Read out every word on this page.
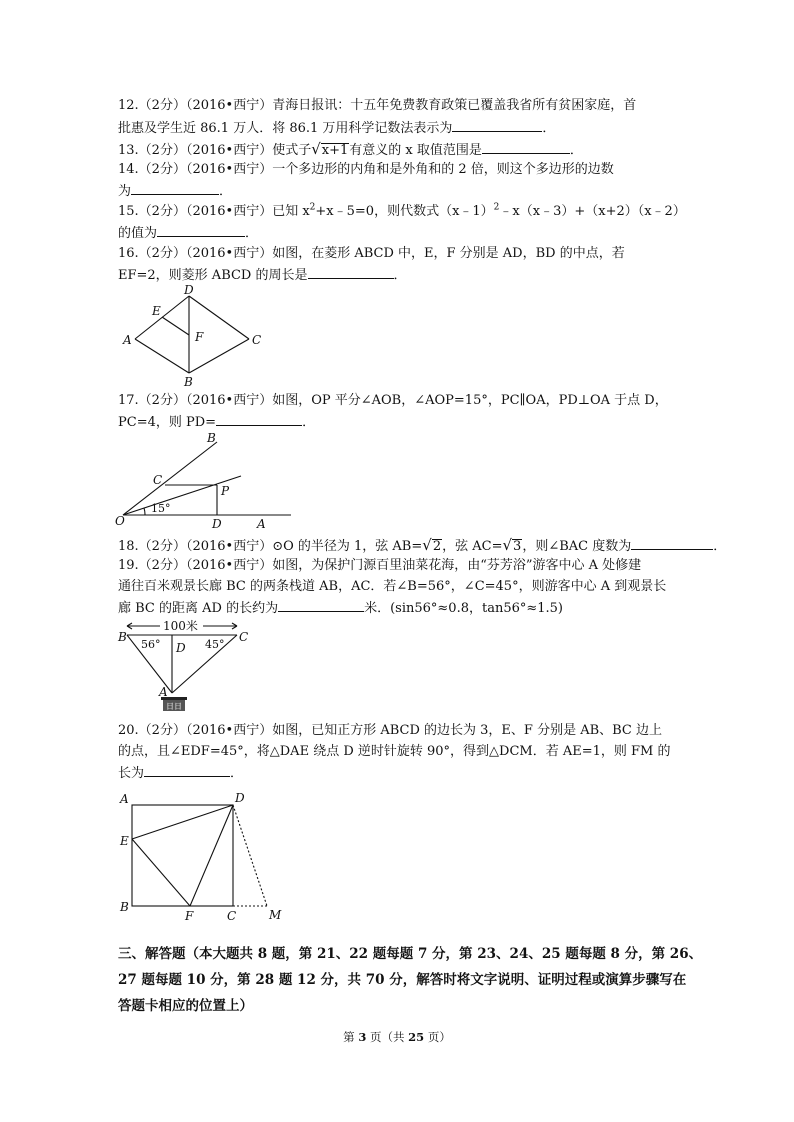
12.（2分）（2016•西宁）青海日报讯：十五年免费教育政策已覆盖我省所有贫困家庭，首
批惠及学生近 86.1 万人．将 86.1 万用科学记数法表示为	．
13.（2分）（2016•西宁）使式子√x+1有意义的 x 取值范围是	．
14.（2分）（2016•西宁）一个多边形的内角和是外角和的 2 倍，则这个多边形的边数
为	．
15.（2分）（2016•西宁）已知 $x^2+x﹣5=0$，则代数式（x﹣1）$^2$﹣x（x﹣3）+（x+2）（x﹣2）
的值为	．
16.（2分）（2016•西宁）如图，在菱形 ABCD 中，E，F 分别是 AD，BD 的中点，若
EF=2，则菱形 ABCD 的周长是	．
A
D
C
B
E
F
17.（2分）（2016•西宁）如图，OP 平分∠AOB，∠AOP=15°，PC∥OA，PD⊥OA 于点 D，
PC=4，则 PD=	．
O
B
C
P
D	A
15°
18.（2分）（2016•西宁）⊙O 的半径为 1，弦 AB=√2，弦 AC=√3，则∠BAC 度数为	．
19.（2分）（2016•西宁）如图，为保护门源百里油菜花海，由“芬芳浴”游客中心 A 处修建
通往百米观景长廊 BC 的两条栈道 AB，AC．若∠B=56°，∠C=45°，则游客中心 A 到观景长
廊 BC 的距离 AD 的长约为	米．(sin56°≈0.8，tan56°≈1.5)
日日
100米
56°	45°
B	C
D
A
20.（2分）（2016•西宁）如图，已知正方形 ABCD 的边长为 3，E、F 分别是 AB、BC 边上
的点，且∠EDF=45°，将△DAE 绕点 D 逆时针旋转 90°，得到△DCM．若 AE=1，则 FM 的
长为	．
A	D
E
B
F	C	M
三、解答题（本大题共 8 题，第 21、22 题每题 7 分，第 23、24、25 题每题 8 分，第 26、
27 题每题 10 分，第 28 题 12 分，共 70 分，解答时将文字说明、证明过程或演算步骤写在
答题卡相应的位置上）
第 3 页（共 25 页）
